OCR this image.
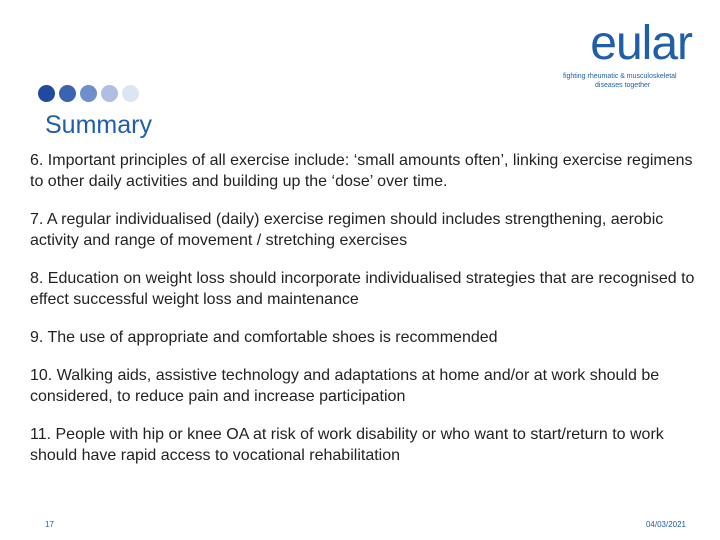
eular
fighting rheumatic & musculoskeletal
diseases together
Summary

6. Important principles of all exercise include: ‘small amounts often’, linking exercise regimens to other daily activities and building up the ‘dose’ over time.

7. A regular individualised (daily) exercise regimen should includes strengthening, aerobic activity and range of movement / stretching exercises

8. Education on weight loss should incorporate individualised strategies that are recognised to effect successful weight loss and maintenance

9. The use of appropriate and comfortable shoes is recommended

10. Walking aids, assistive technology and adaptations at home and/or at work should be considered, to reduce pain and increase participation

11. People with hip or knee OA at risk of work disability or who want to start/return to work should have rapid access to vocational rehabilitation

17	04/03/2021
